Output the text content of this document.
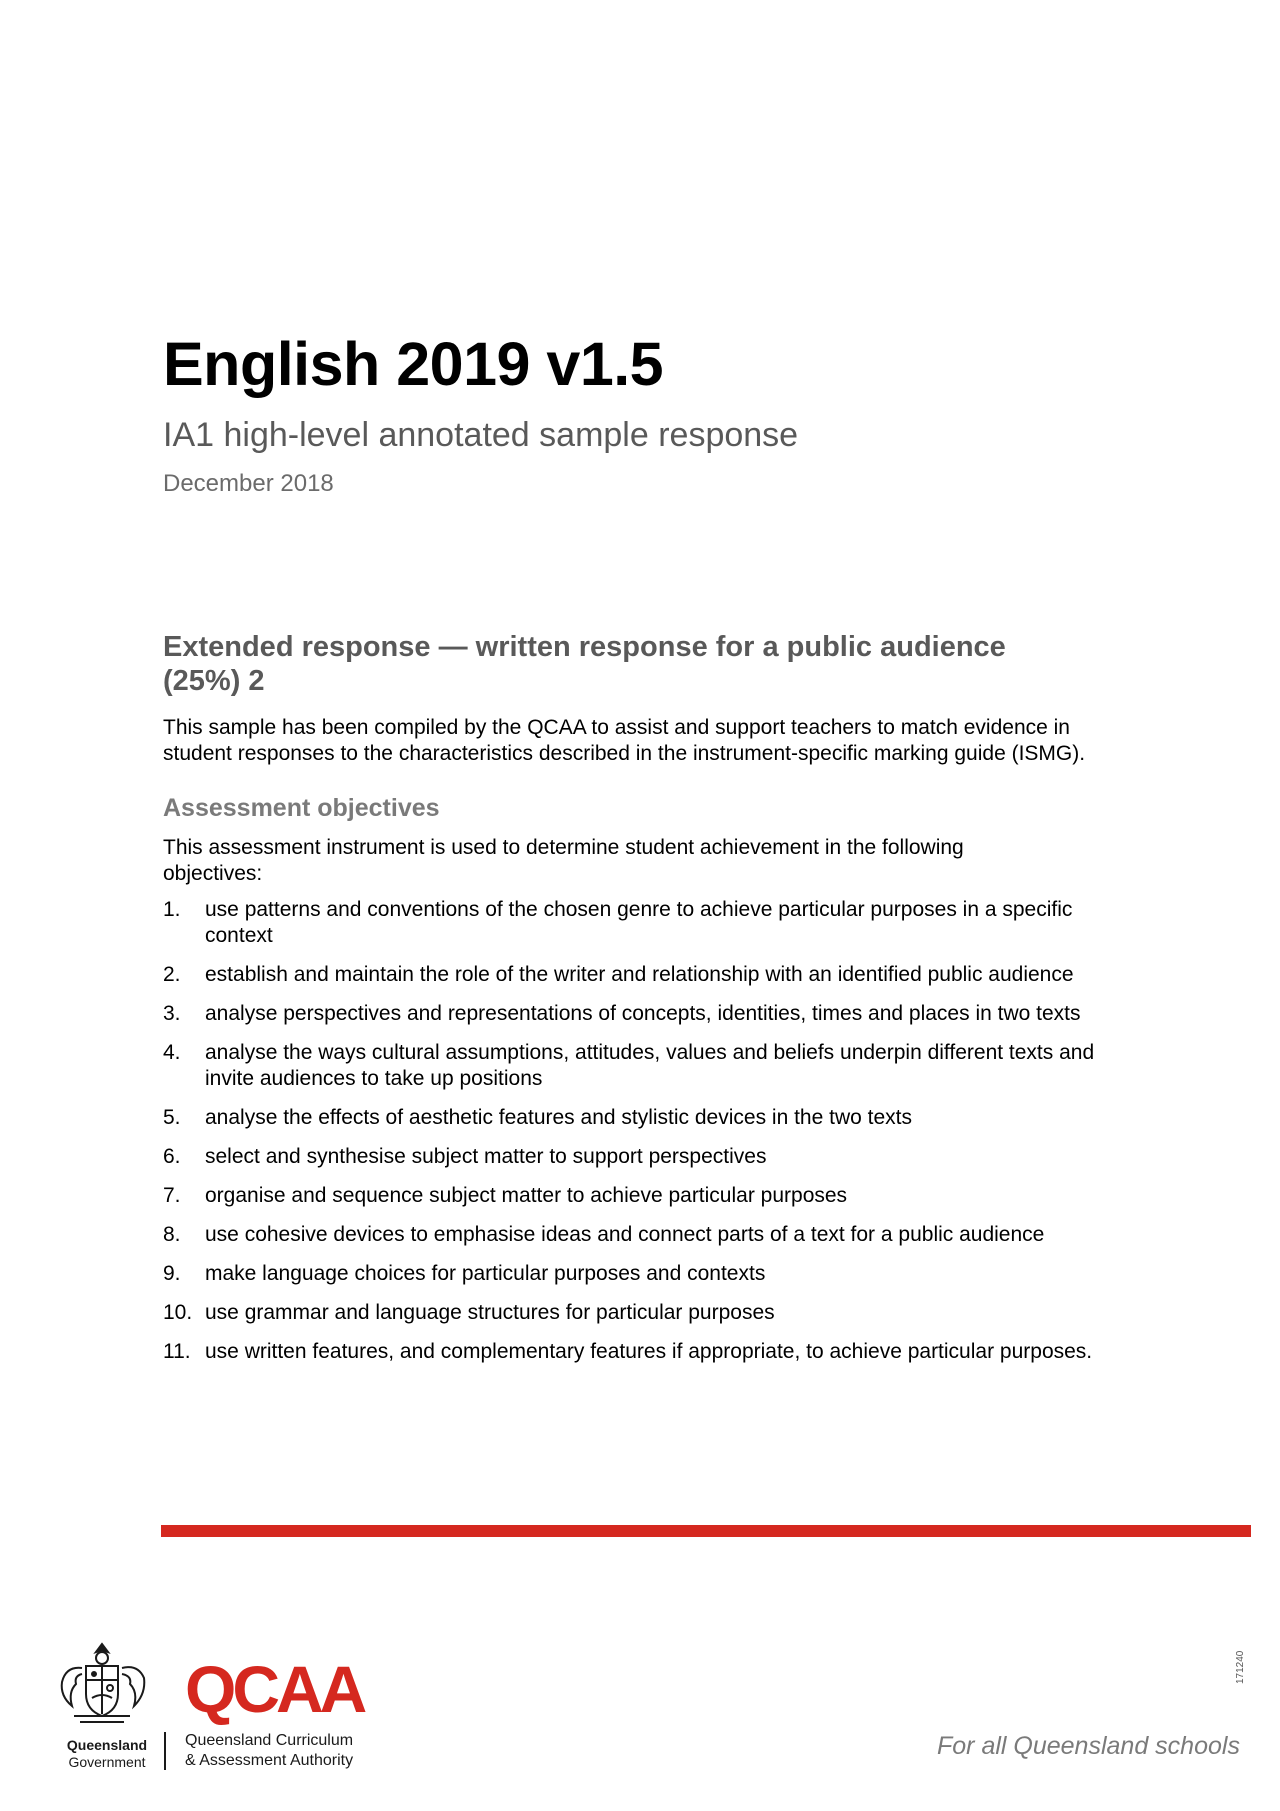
English 2019 v1.5

IA1 high-level annotated sample response

December 2018

Extended response — written response for a public audience (25%) 2

This sample has been compiled by the QCAA to assist and support teachers to match evidence in student responses to the characteristics described in the instrument-specific marking guide (ISMG).

Assessment objectives

This assessment instrument is used to determine student achievement in the following objectives:

1. use patterns and conventions of the chosen genre to achieve particular purposes in a specific context
2. establish and maintain the role of the writer and relationship with an identified public audience
3. analyse perspectives and representations of concepts, identities, times and places in two texts
4. analyse the ways cultural assumptions, attitudes, values and beliefs underpin different texts and invite audiences to take up positions
5. analyse the effects of aesthetic features and stylistic devices in the two texts
6. select and synthesise subject matter to support perspectives
7. organise and sequence subject matter to achieve particular purposes
8. use cohesive devices to emphasise ideas and connect parts of a text for a public audience
9. make language choices for particular purposes and contexts
10. use grammar and language structures for particular purposes
11. use written features, and complementary features if appropriate, to achieve particular purposes.
Queensland
Government
QCAA
Queensland Curriculum
& Assessment Authority
For all Queensland schools
171240
